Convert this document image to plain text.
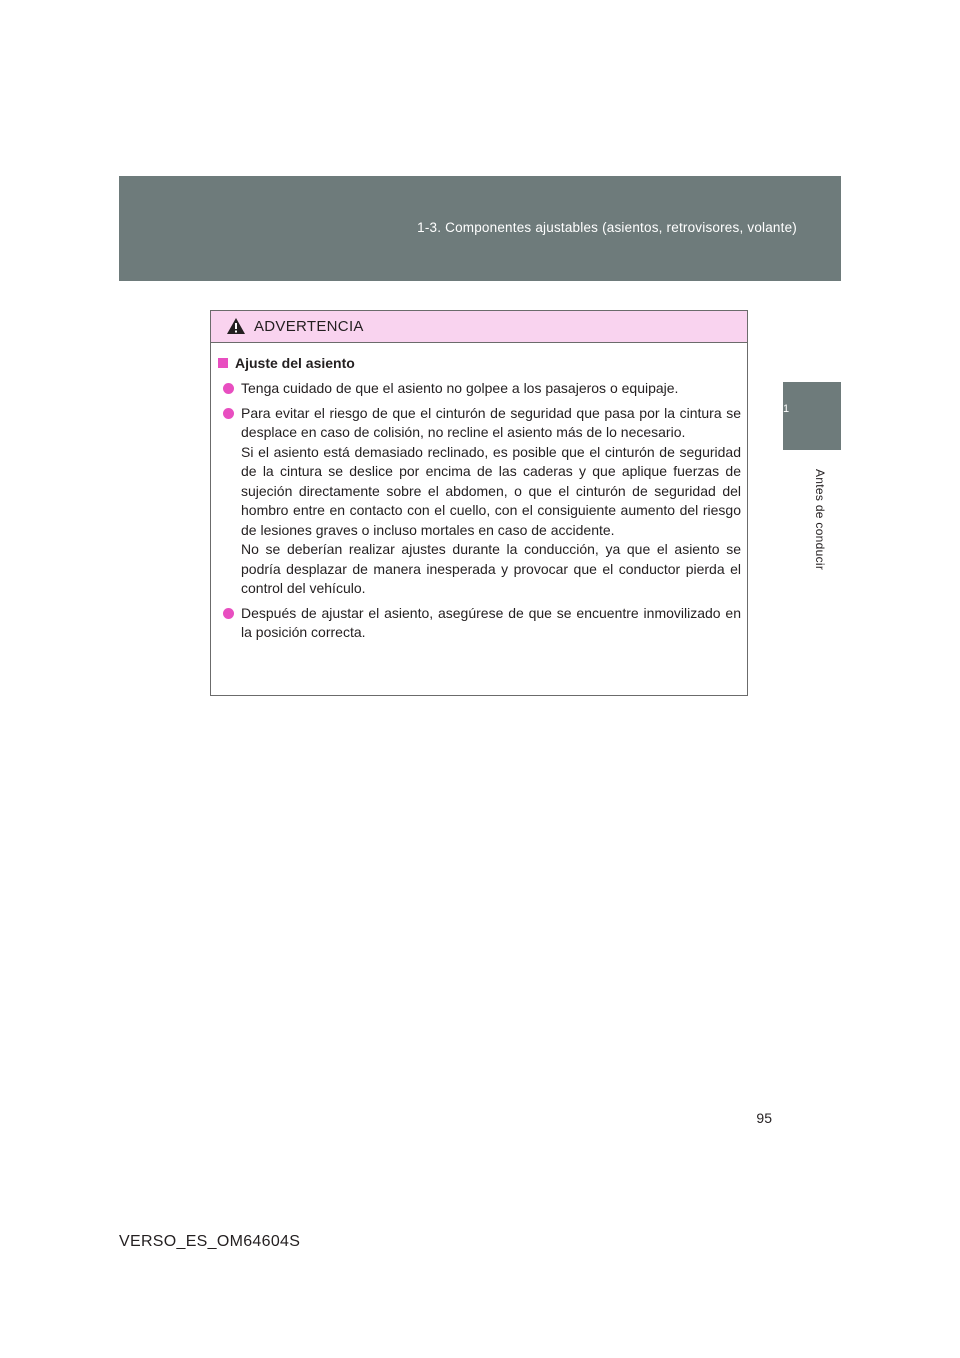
1-3. Componentes ajustables (asientos, retrovisores, volante)
1
Antes de conducir
ADVERTENCIA
Ajuste del asiento
Tenga cuidado de que el asiento no golpee a los pasajeros o equipaje.
Para evitar el riesgo de que el cinturón de seguridad que pasa por la cintura se desplace en caso de colisión, no recline el asiento más de lo necesario.
Si el asiento está demasiado reclinado, es posible que el cinturón de seguridad de la cintura se deslice por encima de las caderas y que aplique fuerzas de sujeción directamente sobre el abdomen, o que el cinturón de seguridad del hombro entre en contacto con el cuello, con el consiguiente aumento del riesgo de lesiones graves o incluso mortales en caso de accidente.
No se deberían realizar ajustes durante la conducción, ya que el asiento se podría desplazar de manera inesperada y provocar que el conductor pierda el control del vehículo.
Después de ajustar el asiento, asegúrese de que se encuentre inmovilizado en la posición correcta.
95
VERSO_ES_OM64604S
